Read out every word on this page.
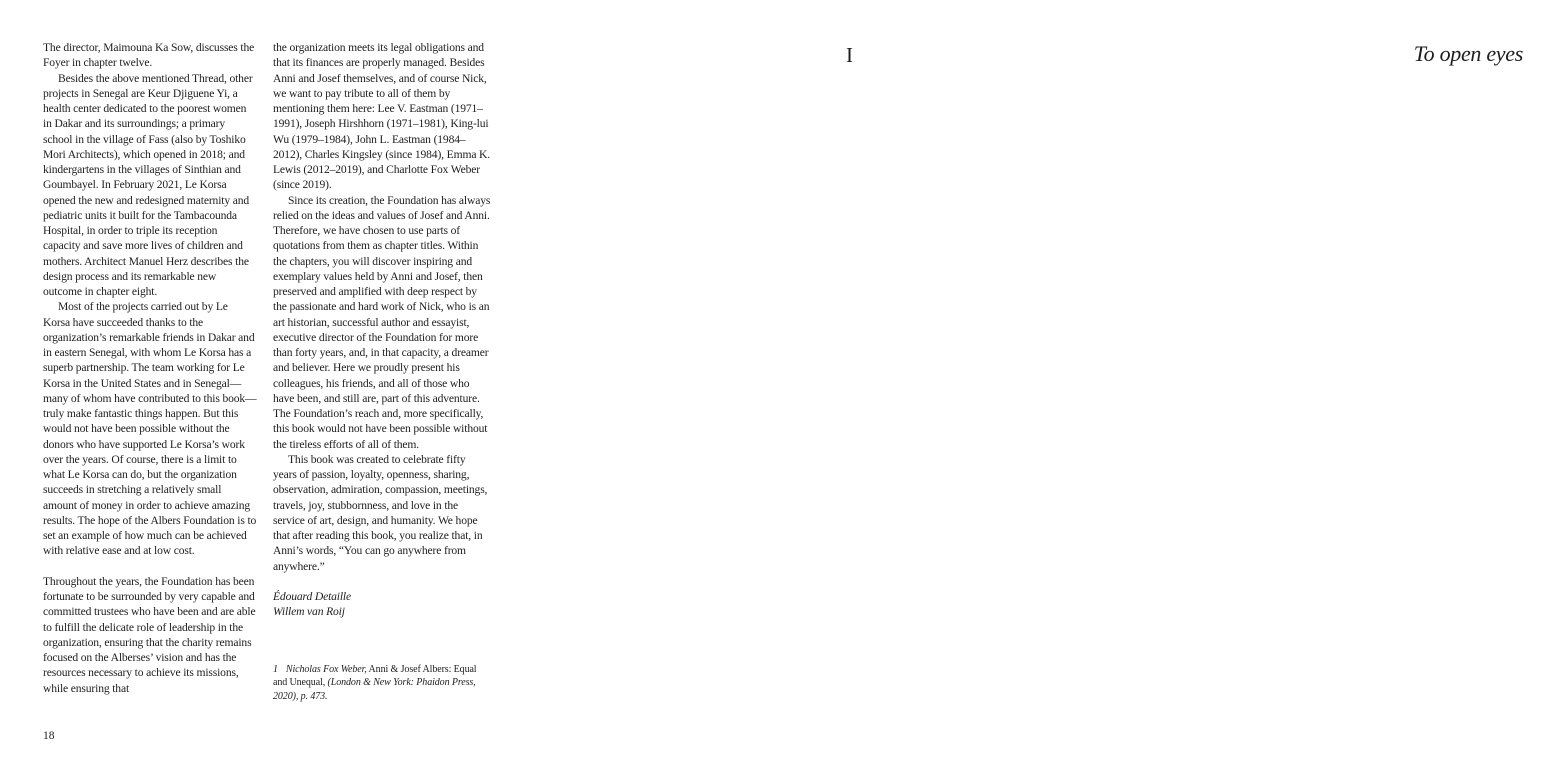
The director, Maimouna Ka Sow, discusses the Foyer in chapter twelve.

Besides the above mentioned Thread, other projects in Senegal are Keur Djiguene Yi, a health center dedicated to the poorest women in Dakar and its surroundings; a primary school in the village of Fass (also by Toshiko Mori Architects), which opened in 2018; and kindergartens in the villages of Sinthian and Goumbayel. In February 2021, Le Korsa opened the new and redesigned maternity and pediatric units it built for the Tambacounda Hospital, in order to triple its reception capacity and save more lives of children and mothers. Architect Manuel Herz describes the design process and its remarkable new outcome in chapter eight.

Most of the projects carried out by Le Korsa have succeeded thanks to the organization’s remarkable friends in Dakar and in eastern Senegal, with whom Le Korsa has a superb partnership. The team working for Le Korsa in the United States and in Senegal—many of whom have contributed to this book—truly make fantastic things happen. But this would not have been possible without the donors who have supported Le Korsa’s work over the years. Of course, there is a limit to what Le Korsa can do, but the organization succeeds in stretching a relatively small amount of money in order to achieve amazing results. The hope of the Albers Foundation is to set an example of how much can be achieved with relative ease and at low cost.

Throughout the years, the Foundation has been fortunate to be surrounded by very capable and committed trustees who have been and are able to fulfill the delicate role of leadership in the organization, ensuring that the charity remains focused on the Alberses’ vision and has the resources necessary to achieve its missions, while ensuring that

the organization meets its legal obligations and that its finances are properly managed. Besides Anni and Josef themselves, and of course Nick, we want to pay tribute to all of them by mentioning them here: Lee V. Eastman (1971–1991), Joseph Hirshhorn (1971–1981), King-lui Wu (1979–1984), John L. Eastman (1984–2012), Charles Kingsley (since 1984), Emma K. Lewis (2012–2019), and Charlotte Fox Weber (since 2019).

Since its creation, the Foundation has always relied on the ideas and values of Josef and Anni. Therefore, we have chosen to use parts of quotations from them as chapter titles. Within the chapters, you will discover inspiring and exemplary values held by Anni and Josef, then preserved and amplified with deep respect by the passionate and hard work of Nick, who is an art historian, successful author and essayist, executive director of the Foundation for more than forty years, and, in that capacity, a dreamer and believer. Here we proudly present his colleagues, his friends, and all of those who have been, and still are, part of this adventure. The Foundation’s reach and, more specifically, this book would not have been possible without the tireless efforts of all of them.

This book was created to celebrate fifty years of passion, loyalty, openness, sharing, observation, admiration, compassion, meetings, travels, joy, stubbornness, and love in the service of art, design, and humanity. We hope that after reading this book, you realize that, in Anni’s words, “You can go anywhere from anywhere.”

Édouard Detaille
Willem van Roij
1 Nicholas Fox Weber, Anni & Josef Albers: Equal and Unequal, (London & New York: Phaidon Press, 2020), p. 473.
18
I	To open eyes
